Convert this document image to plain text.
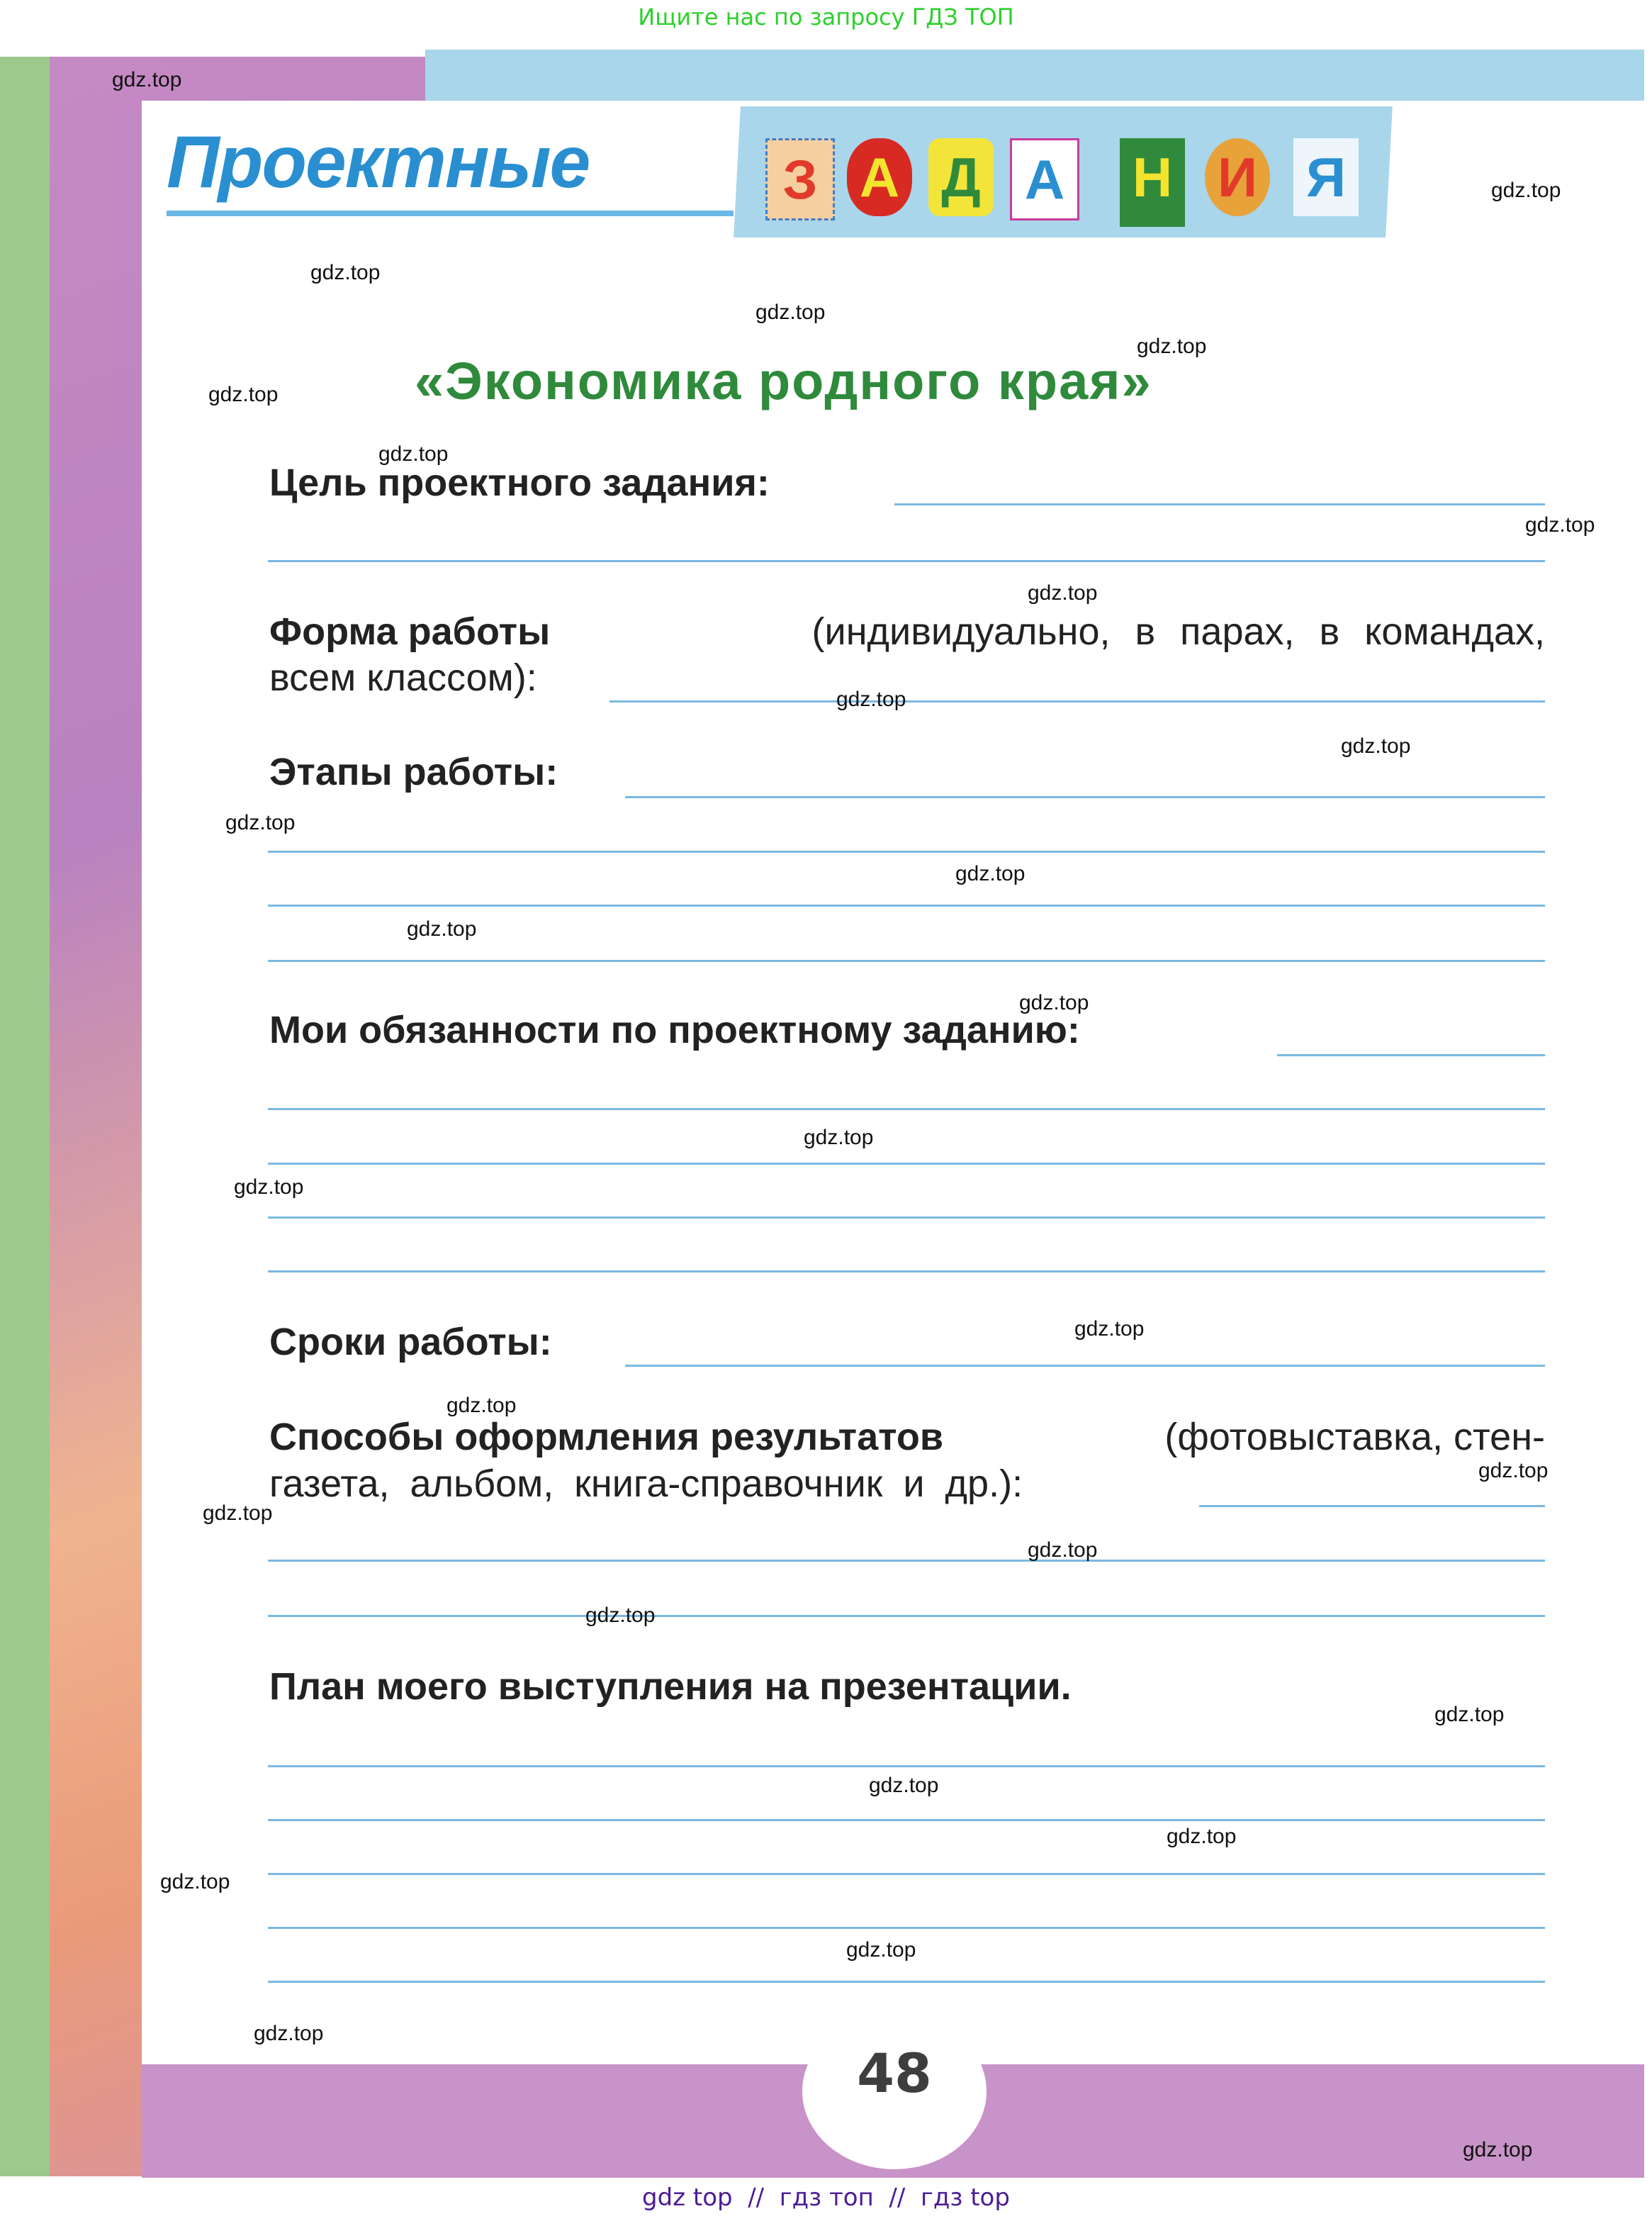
Ищите нас по запросу ГДЗ ТОП
48
Проектные	З А Д А Н И Я
«Экономика родного края»
Цель проектного задания:
Форма работы	(индивидуально, в парах, в командах,
всем классом):
Этапы работы:
Мои обязанности по проектному заданию:
Сроки работы:
Способы оформления результатов	(фотовыставка, стен-
газета, альбом, книга-справочник и др.):
План моего выступления на презентации.
gdz.top
gdz.top
gdz.top
gdz.top
gdz.top
gdz.top
gdz.top
gdz.top
gdz.top
gdz.top
gdz.top
gdz.top
gdz.top
gdz.top
gdz.top
gdz.top
gdz.top
gdz.top
gdz.top
gdz.top
gdz.top
gdz.top
gdz.top
gdz.top
gdz.top
gdz.top
gdz.top
gdz.top
gdz.top
gdz.top
gdz top  //  гдз топ  //  гдз top
